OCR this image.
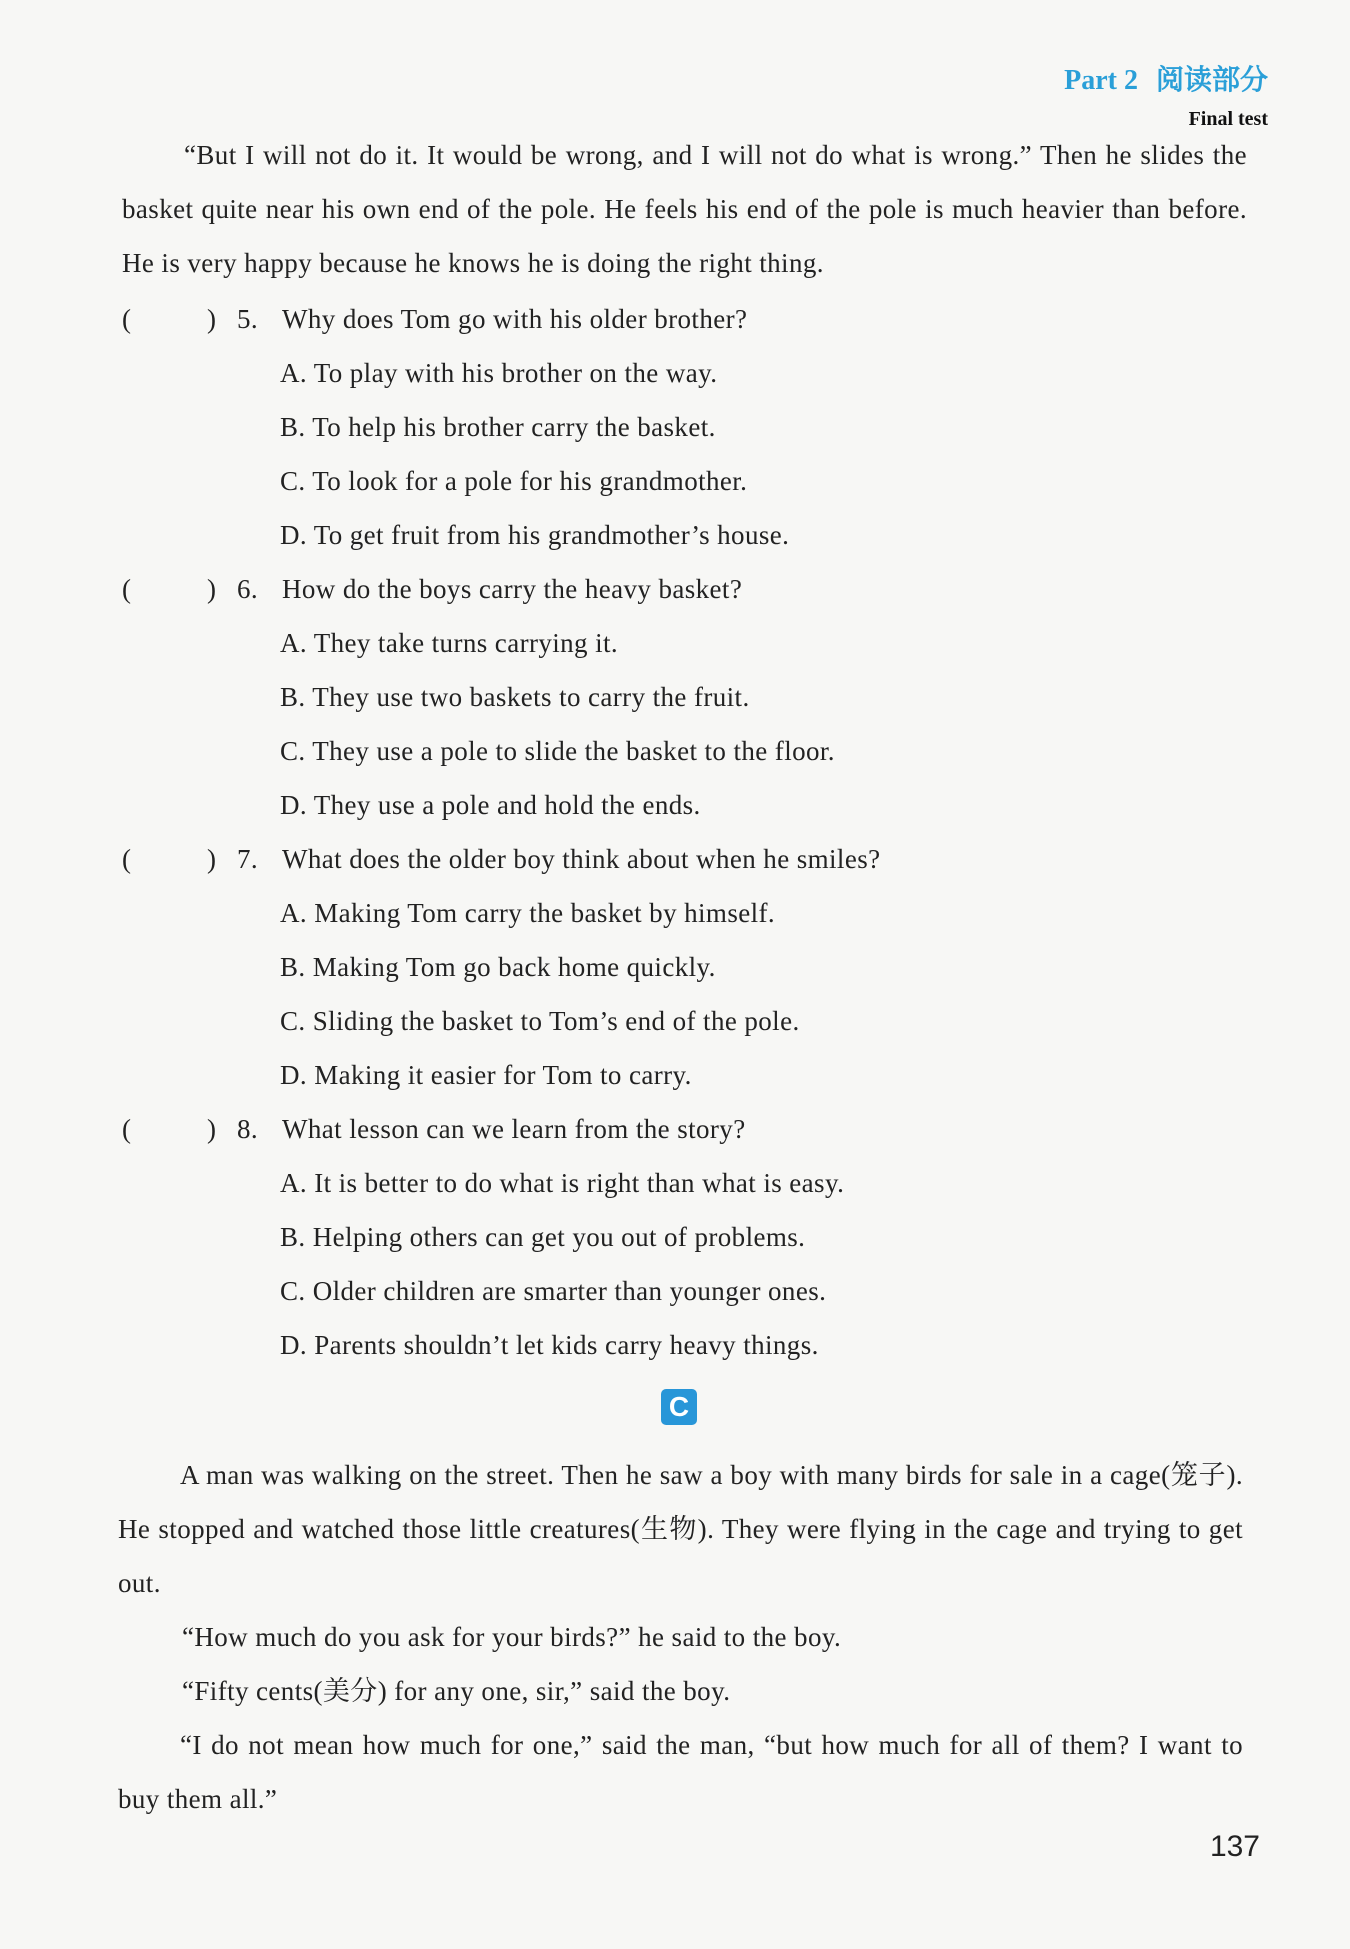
Part 2 阅读部分
Final test
“But I will not do it. It would be wrong, and I will not do what is wrong.” Then he slides the basket quite near his own end of the pole. He feels his end of the pole is much heavier than before. He is very happy because he knows he is doing the right thing.
(	) 5. Why does Tom go with his older brother?
A. To play with his brother on the way.
B. To help his brother carry the basket.
C. To look for a pole for his grandmother.
D. To get fruit from his grandmother’s house.
(	) 6. How do the boys carry the heavy basket?
A. They take turns carrying it.
B. They use two baskets to carry the fruit.
C. They use a pole to slide the basket to the floor.
D. They use a pole and hold the ends.
(	) 7. What does the older boy think about when he smiles?
A. Making Tom carry the basket by himself.
B. Making Tom go back home quickly.
C. Sliding the basket to Tom’s end of the pole.
D. Making it easier for Tom to carry.
(	) 8. What lesson can we learn from the story?
A. It is better to do what is right than what is easy.
B. Helping others can get you out of problems.
C. Older children are smarter than younger ones.
D. Parents shouldn’t let kids carry heavy things.
C
A man was walking on the street. Then he saw a boy with many birds for sale in a cage(笼子). He stopped and watched those little creatures(生物). They were flying in the cage and trying to get out.
“How much do you ask for your birds?” he said to the boy.
“Fifty cents(美分) for any one, sir,” said the boy.
“I do not mean how much for one,” said the man, “but how much for all of them? I want to buy them all.”
137
